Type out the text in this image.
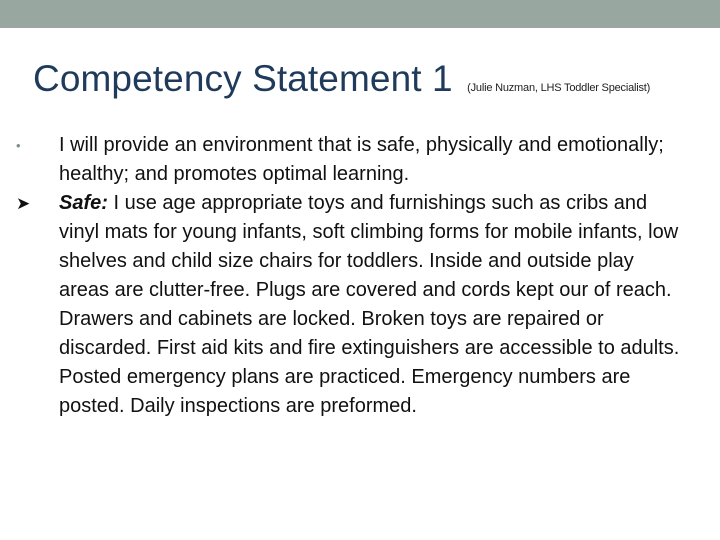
Competency Statement 1 (Julie Nuzman, LHS Toddler Specialist)
•	I will provide an environment that is safe, physically and emotionally; healthy; and promotes optimal learning.
➤	Safe: I use age appropriate toys and furnishings such as cribs and vinyl mats for young infants, soft climbing forms for mobile infants, low shelves and child size chairs for toddlers. Inside and outside play areas are clutter-free. Plugs are covered and cords kept our of reach. Drawers and cabinets are locked. Broken toys are repaired or discarded. First aid kits and fire extinguishers are accessible to adults. Posted emergency plans are practiced. Emergency numbers are posted. Daily inspections are preformed.
